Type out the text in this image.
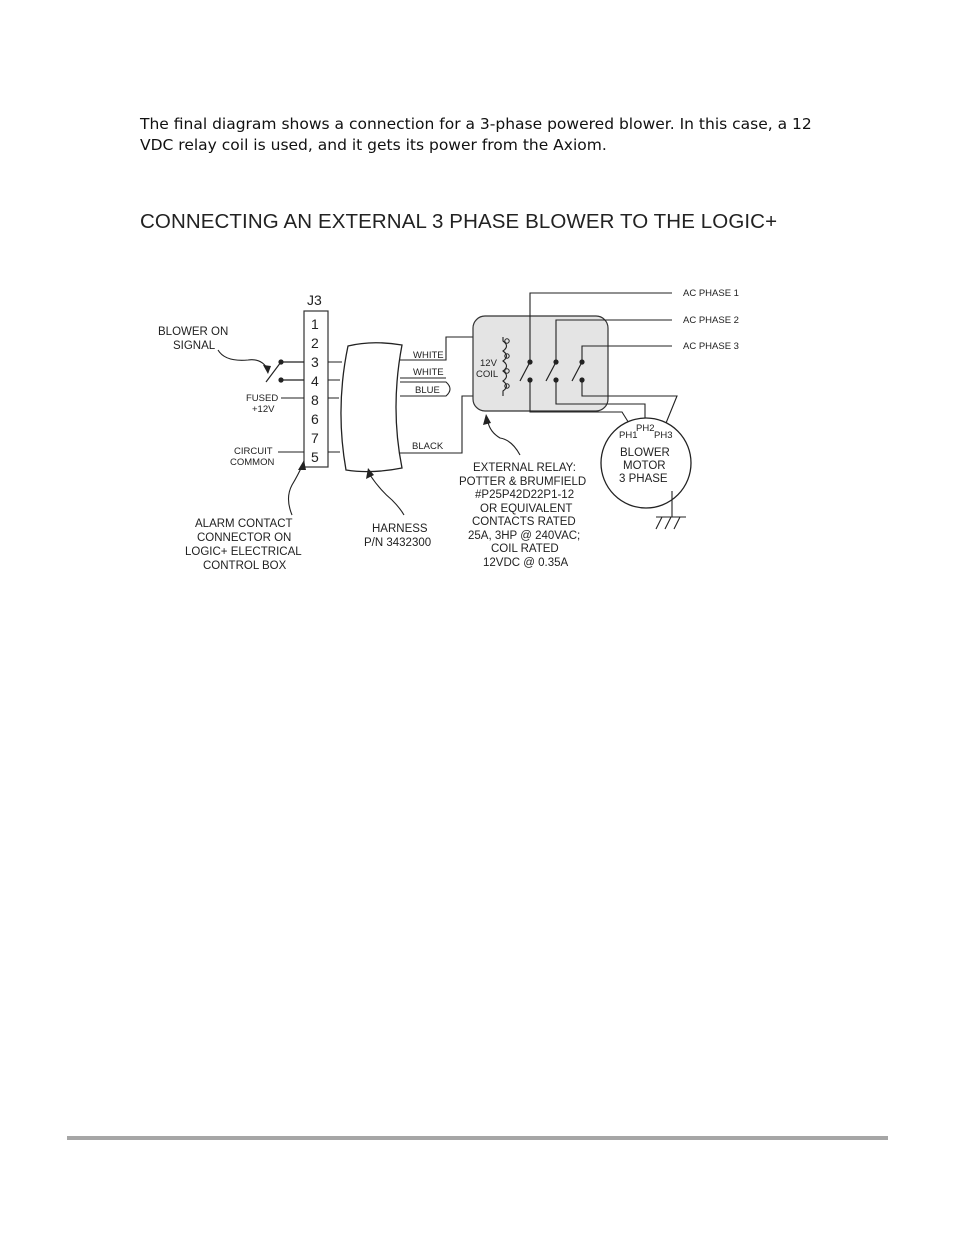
The final diagram shows a connection for a 3-phase powered blower. In this case, a 12
VDC relay coil is used, and it gets its power from the Axiom.
CONNECTING AN EXTERNAL 3 PHASE BLOWER TO THE LOGIC+
J3
1
2
3
4
8
6
7
5
BLOWER ON
SIGNAL
FUSED
+12V
CIRCUIT
COMMON
ALARM CONTACT
CONNECTOR ON
LOGIC+ ELECTRICAL
CONTROL BOX
HARNESS
P/N 3432300
WHITE
WHITE
BLUE
BLACK
12V
COIL
AC PHASE 1
AC PHASE 2
AC PHASE 3
PH2
PH1 PH3
BLOWER
MOTOR
3 PHASE
EXTERNAL RELAY:
POTTER & BRUMFIELD
#P25P42D22P1-12
OR EQUIVALENT
CONTACTS RATED
25A, 3HP @ 240VAC;
COIL RATED
12VDC @ 0.35A
